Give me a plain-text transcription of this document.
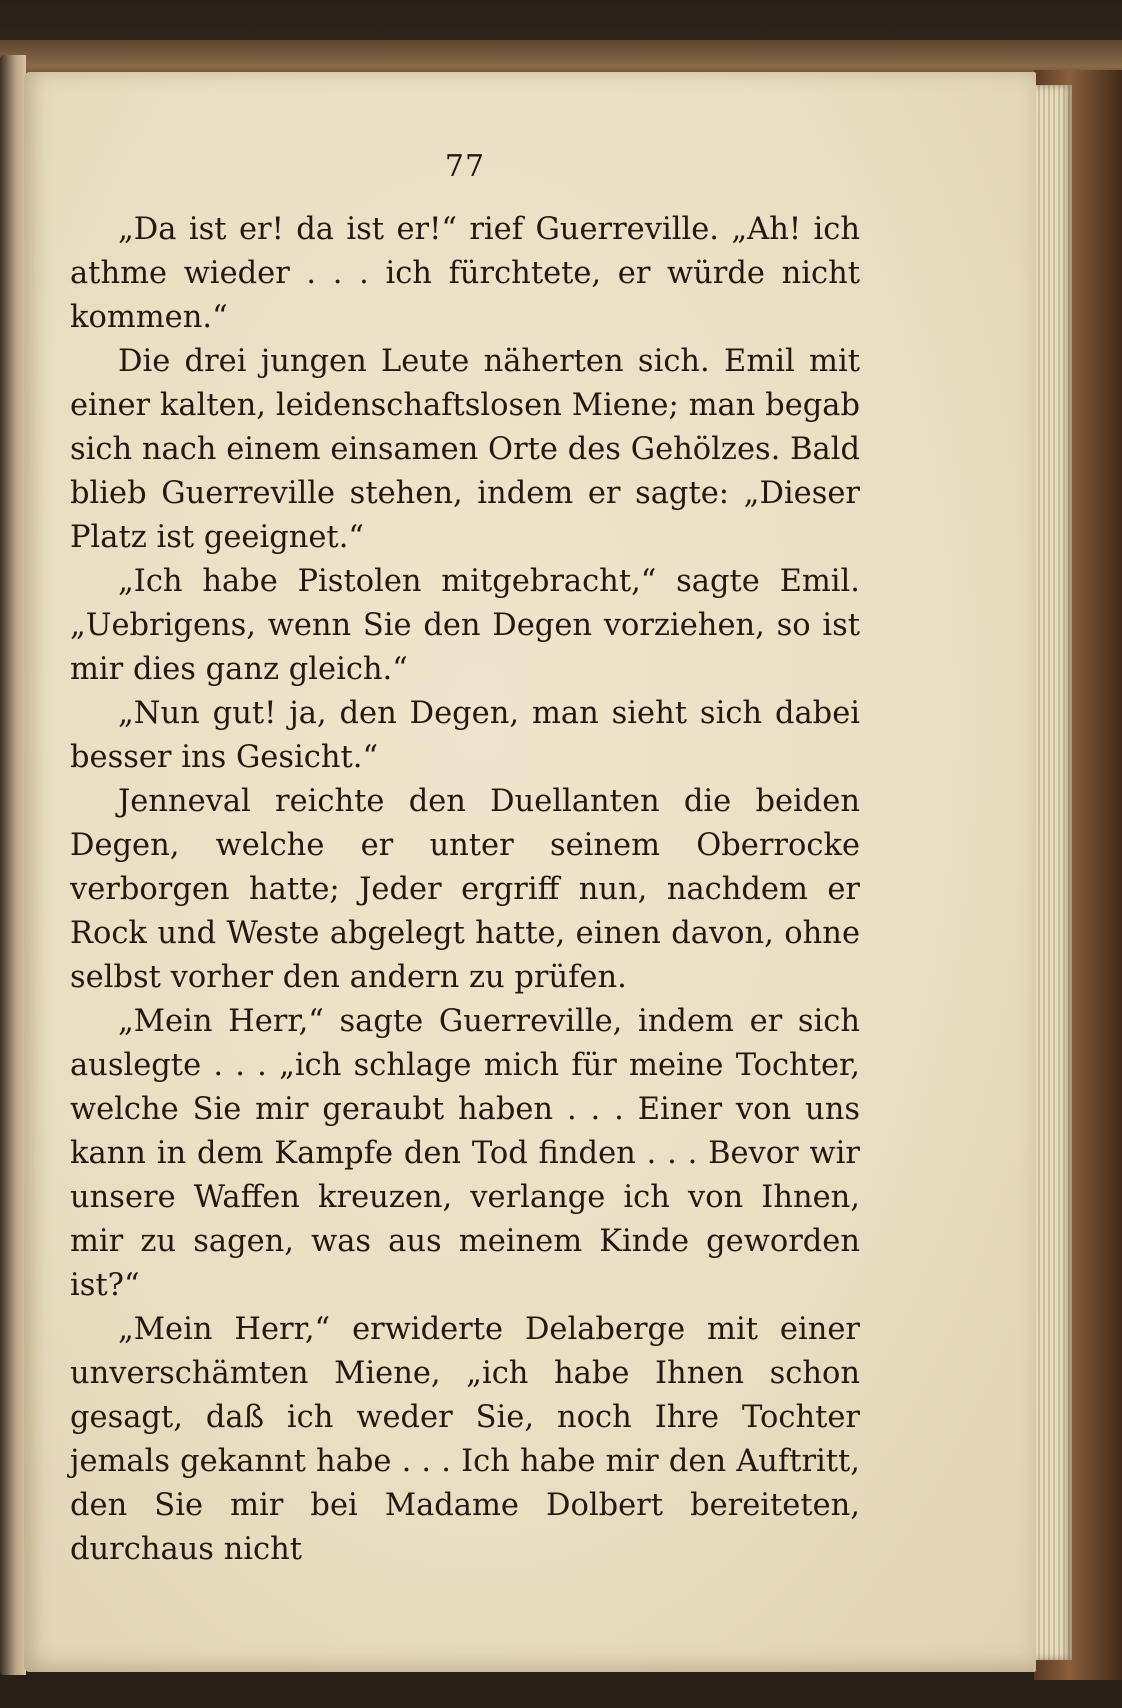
77

„Da ist er! da ist er!“ rief Guerreville. „Ah! ich athme wieder . . . ich fürchtete, er würde nicht kommen.“

Die drei jungen Leute näherten sich. Emil mit einer kalten, leidenschaftslosen Miene; man begab sich nach einem einsamen Orte des Gehölzes. Bald blieb Guerreville stehen, indem er sagte: „Dieser Platz ist geeignet.“

„Ich habe Pistolen mitgebracht,“ sagte Emil. „Uebrigens, wenn Sie den Degen vorziehen, so ist mir dies ganz gleich.“

„Nun gut! ja, den Degen, man sieht sich dabei besser ins Gesicht.“

Jenneval reichte den Duellanten die beiden Degen, welche er unter seinem Oberrocke verborgen hatte; Jeder ergriff nun, nachdem er Rock und Weste abgelegt hatte, einen davon, ohne selbst vorher den andern zu prüfen.

„Mein Herr,“ sagte Guerreville, indem er sich auslegte . . . „ich schlage mich für meine Tochter, welche Sie mir geraubt haben . . . Einer von uns kann in dem Kampfe den Tod finden . . . Bevor wir unsere Waffen kreuzen, verlange ich von Ihnen, mir zu sagen, was aus meinem Kinde geworden ist?“

„Mein Herr,“ erwiderte Delaberge mit einer unverschämten Miene, „ich habe Ihnen schon gesagt, daß ich weder Sie, noch Ihre Tochter jemals gekannt habe . . . Ich habe mir den Auftritt, den Sie mir bei Madame Dolbert bereiteten, durchaus nicht
